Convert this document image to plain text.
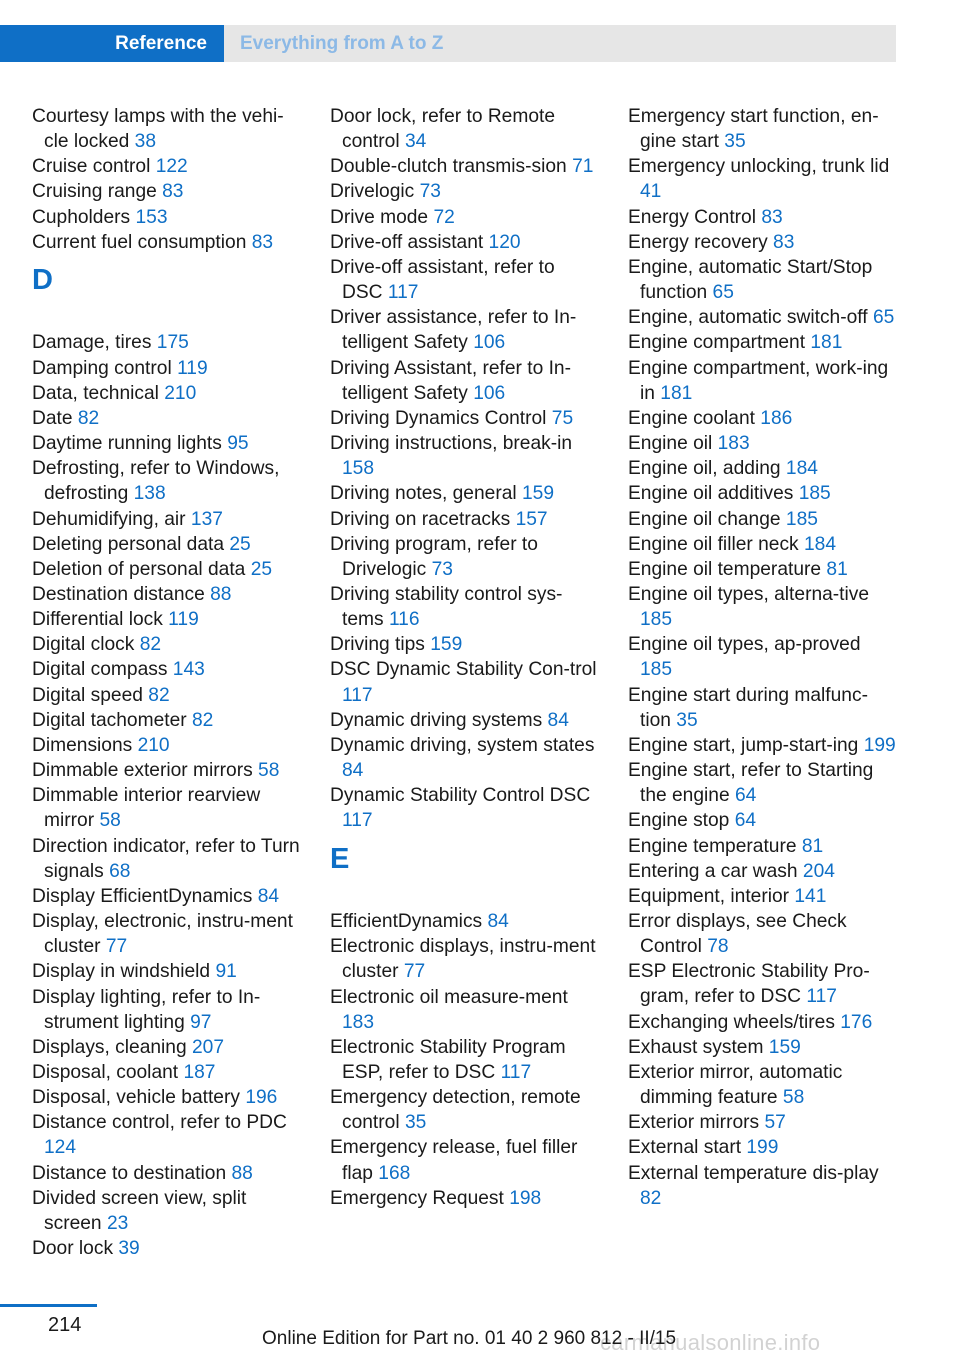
Reference	Everything from A to Z
Courtesy lamps with the vehi‐cle locked 38
Cruise control 122
Cruising range 83
Cupholders 153
Current fuel consumption 83
D
Damage, tires 175
Damping control 119
Data, technical 210
Date 82
Daytime running lights 95
Defrosting, refer to Windows, defrosting 138
Dehumidifying, air 137
Deleting personal data 25
Deletion of personal data 25
Destination distance 88
Differential lock 119
Digital clock 82
Digital compass 143
Digital speed 82
Digital tachometer 82
Dimensions 210
Dimmable exterior mirrors 58
Dimmable interior rearview mirror 58
Direction indicator, refer to Turn signals 68
Display EfficientDynamics 84
Display, electronic, instru‐ment cluster 77
Display in windshield 91
Display lighting, refer to In‐strument lighting 97
Displays, cleaning 207
Disposal, coolant 187
Disposal, vehicle battery 196
Distance control, refer to PDC 124
Distance to destination 88
Divided screen view, split screen 23
Door lock 39
Door lock, refer to Remote control 34
Double-clutch transmis‐sion 71
Drivelogic 73
Drive mode 72
Drive-off assistant 120
Drive-off assistant, refer to DSC 117
Driver assistance, refer to In‐telligent Safety 106
Driving Assistant, refer to In‐telligent Safety 106
Driving Dynamics Control 75
Driving instructions, break-in 158
Driving notes, general 159
Driving on racetracks 157
Driving program, refer to Drivelogic 73
Driving stability control sys‐tems 116
Driving tips 159
DSC Dynamic Stability Con‐trol 117
Dynamic driving systems 84
Dynamic driving, system states 84
Dynamic Stability Control DSC 117
E
EfficientDynamics 84
Electronic displays, instru‐ment cluster 77
Electronic oil measure‐ment 183
Electronic Stability Program ESP, refer to DSC 117
Emergency detection, remote control 35
Emergency release, fuel filler flap 168
Emergency Request 198
Emergency start function, en‐gine start 35
Emergency unlocking, trunk lid 41
Energy Control 83
Energy recovery 83
Engine, automatic Start/Stop function 65
Engine, automatic switch-off 65
Engine compartment 181
Engine compartment, work‐ing in 181
Engine coolant 186
Engine oil 183
Engine oil, adding 184
Engine oil additives 185
Engine oil change 185
Engine oil filler neck 184
Engine oil temperature 81
Engine oil types, alterna‐tive 185
Engine oil types, ap‐proved 185
Engine start during malfunc‐tion 35
Engine start, jump-start‐ing 199
Engine start, refer to Starting the engine 64
Engine stop 64
Engine temperature 81
Entering a car wash 204
Equipment, interior 141
Error displays, see Check Control 78
ESP Electronic Stability Pro‐gram, refer to DSC 117
Exchanging wheels/tires 176
Exhaust system 159
Exterior mirror, automatic dimming feature 58
Exterior mirrors 57
External start 199
External temperature dis‐play 82
214
carmanualsonline.info
Online Edition for Part no. 01 40 2 960 812 - II/15
